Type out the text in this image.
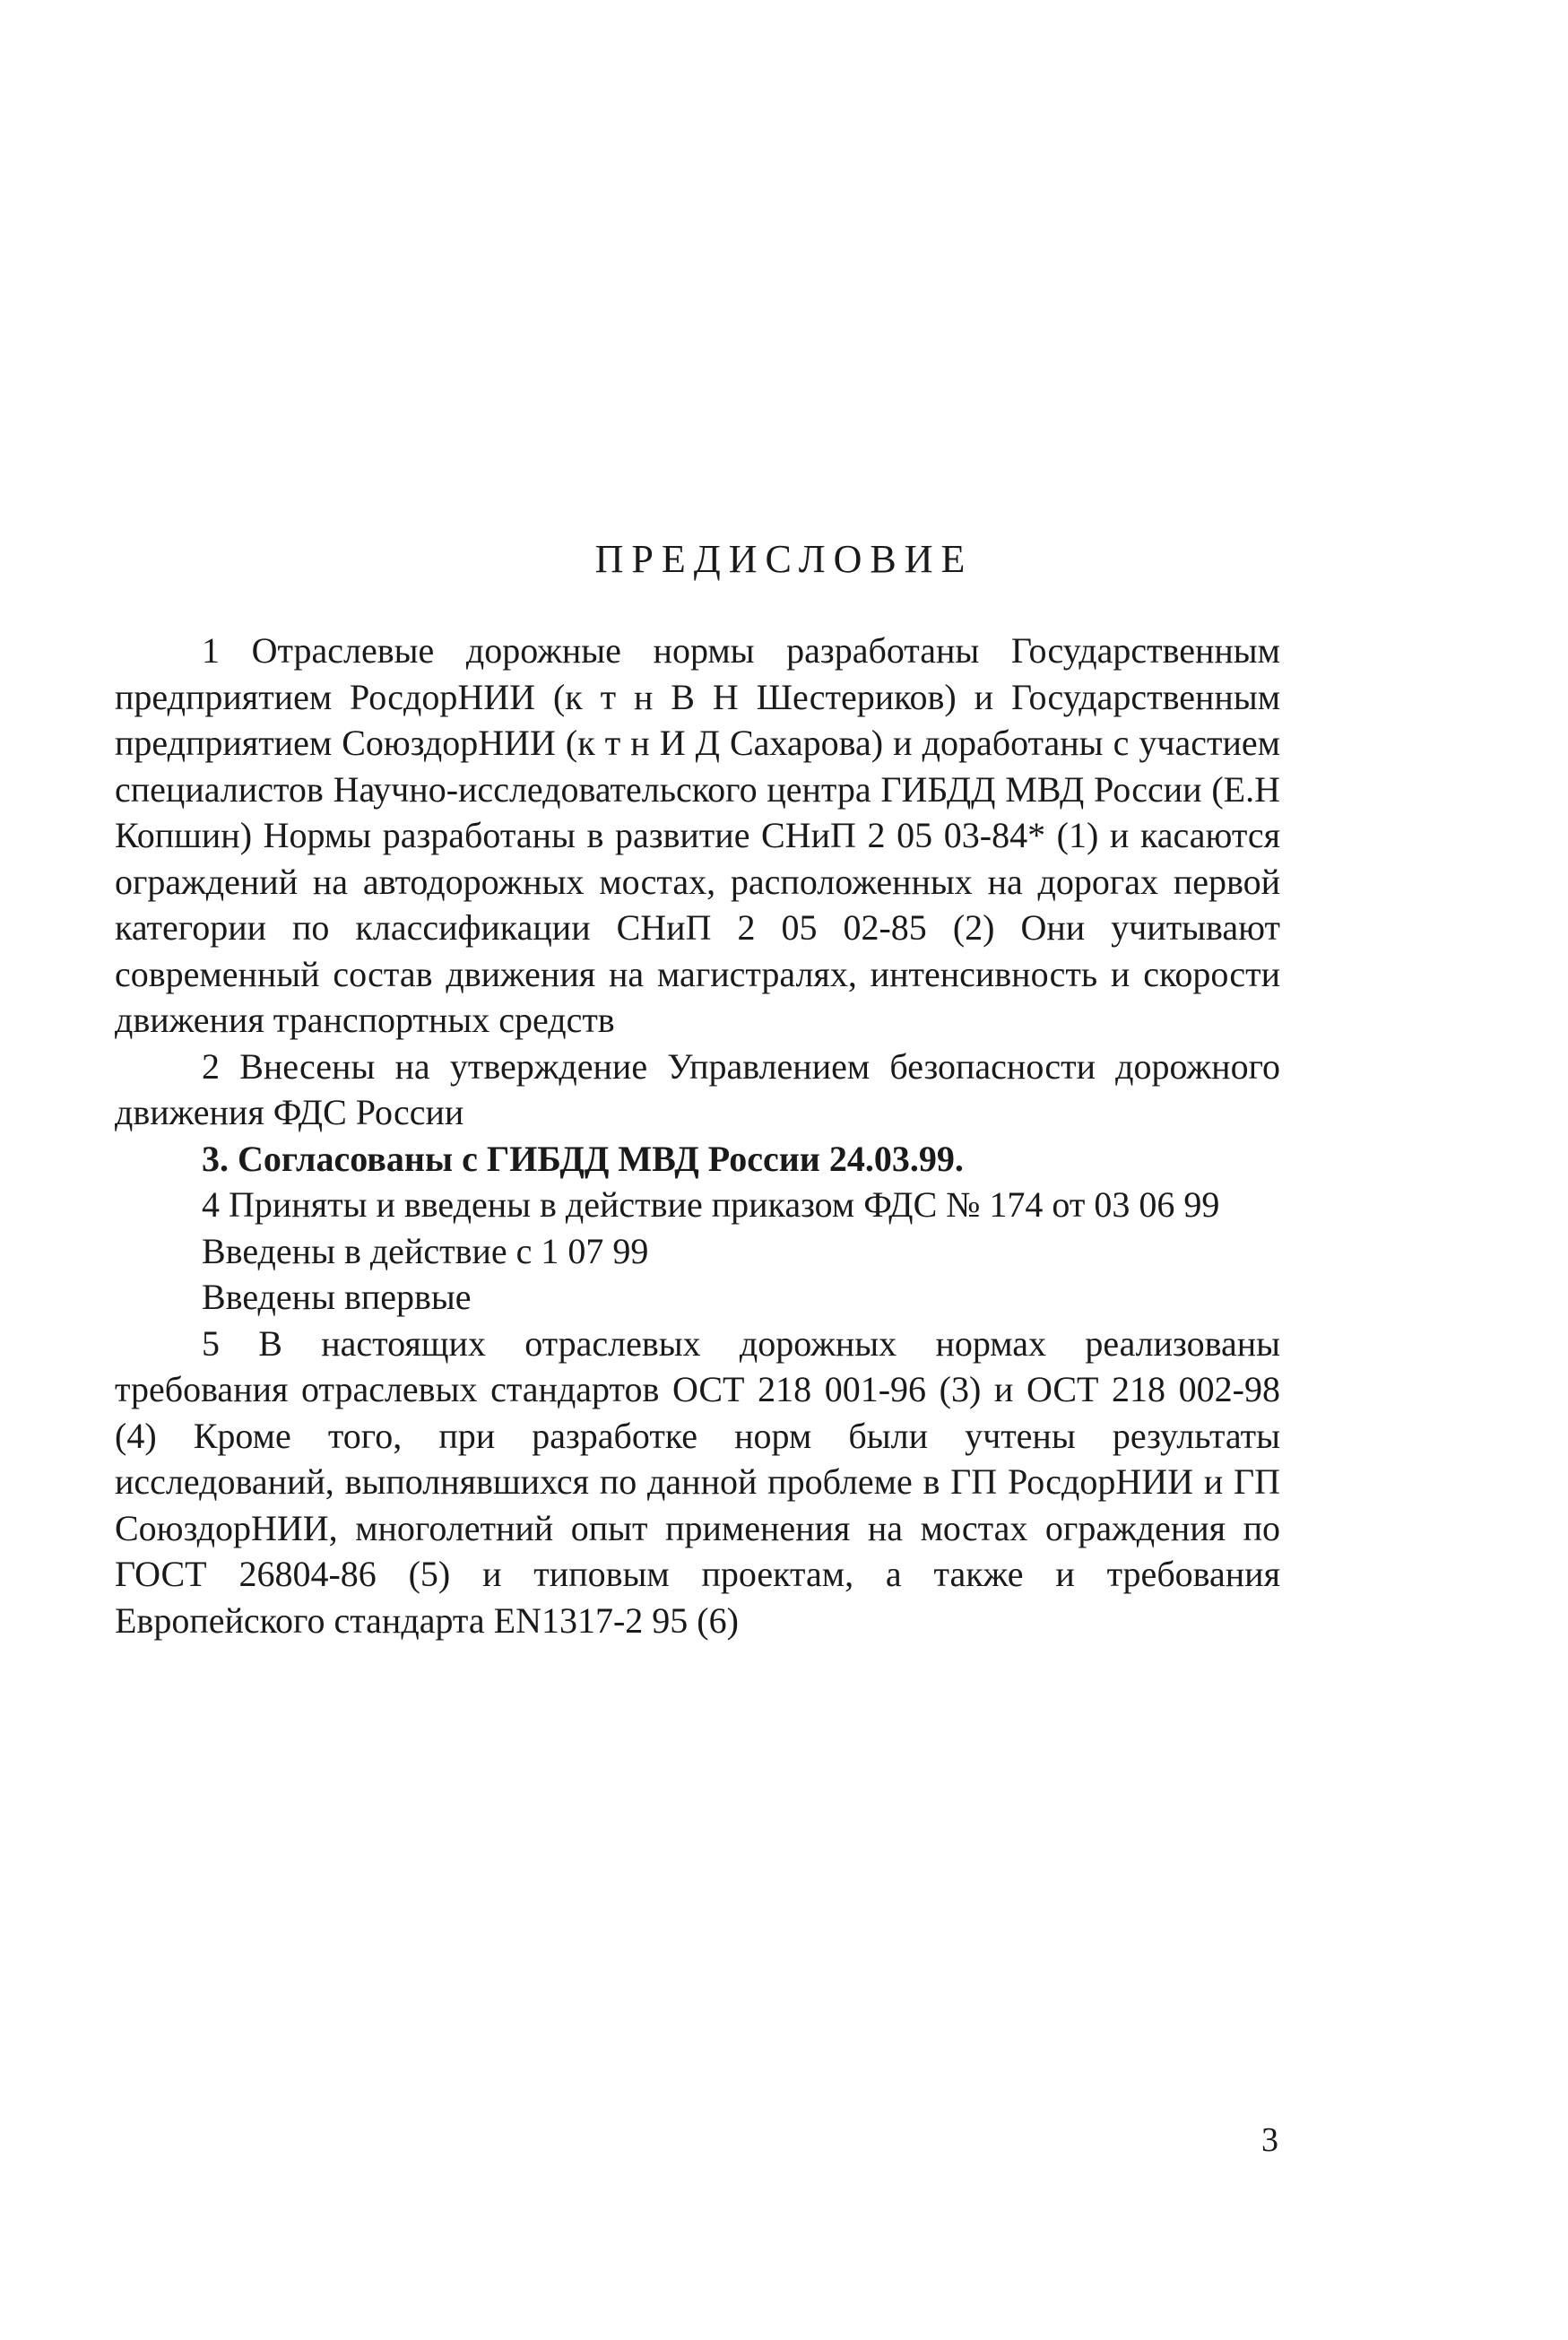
ПРЕДИСЛОВИЕ

1 Отраслевые дорожные нормы разработаны Государственным предприятием РосдорНИИ (к т н В Н Шестериков) и Государственным предприятием СоюздорНИИ (к т н И Д Сахарова) и доработаны с участием специалистов Научно-исследовательского центра ГИБДД МВД России (Е.Н Копшин) Нормы разработаны в развитие СНиП 2 05 03-84* (1) и касаются ограждений на автодорожных мостах, расположенных на дорогах первой категории по классификации СНиП 2 05 02-85 (2) Они учитывают современный состав движения на магистралях, интенсивность и скорости движения транспортных средств

2 Внесены на утверждение Управлением безопасности дорожного движения ФДС России

3. Согласованы с ГИБДД МВД России 24.03.99.

4 Приняты и введены в действие приказом ФДС № 174 от 03 06 99

Введены в действие с 1 07 99

Введены впервые

5 В настоящих отраслевых дорожных нормах реализованы требования отраслевых стандартов ОСТ 218 001-96 (3) и ОСТ 218 002-98 (4) Кроме того, при разработке норм были учтены результаты исследований, выполнявшихся по данной проблеме в ГП РосдорНИИ и ГП СоюздорНИИ, многолетний опыт применения на мостах ограждения по ГОСТ 26804-86 (5) и типовым проектам, а также и требования Европейского стандарта EN1317-2 95 (6)

3
